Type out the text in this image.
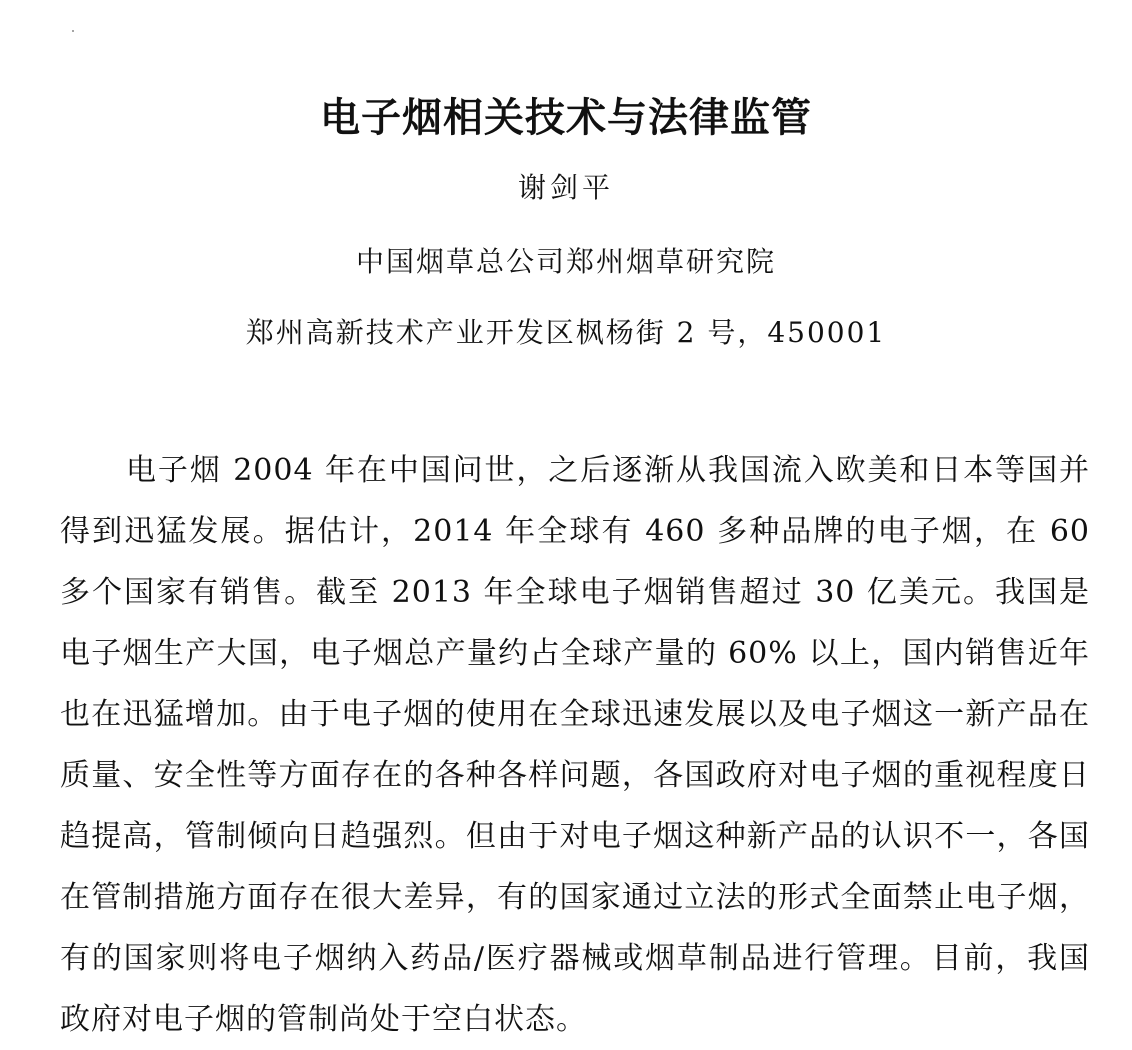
电子烟相关技术与法律监管

谢剑平

中国烟草总公司郑州烟草研究院

郑州高新技术产业开发区枫杨街 2 号，450001

电子烟 2004 年在中国问世，之后逐渐从我国流入欧美和日本等国并得到迅猛发展。据估计，2014 年全球有 460 多种品牌的电子烟，在 60 多个国家有销售。截至 2013 年全球电子烟销售超过 30 亿美元。我国是电子烟生产大国，电子烟总产量约占全球产量的 60% 以上，国内销售近年也在迅猛增加。由于电子烟的使用在全球迅速发展以及电子烟这一新产品在质量、安全性等方面存在的各种各样问题，各国政府对电子烟的重视程度日趋提高，管制倾向日趋强烈。但由于对电子烟这种新产品的认识不一，各国在管制措施方面存在很大差异，有的国家通过立法的形式全面禁止电子烟，有的国家则将电子烟纳入药品/医疗器械或烟草制品进行管理。目前，我国政府对电子烟的管制尚处于空白状态。
